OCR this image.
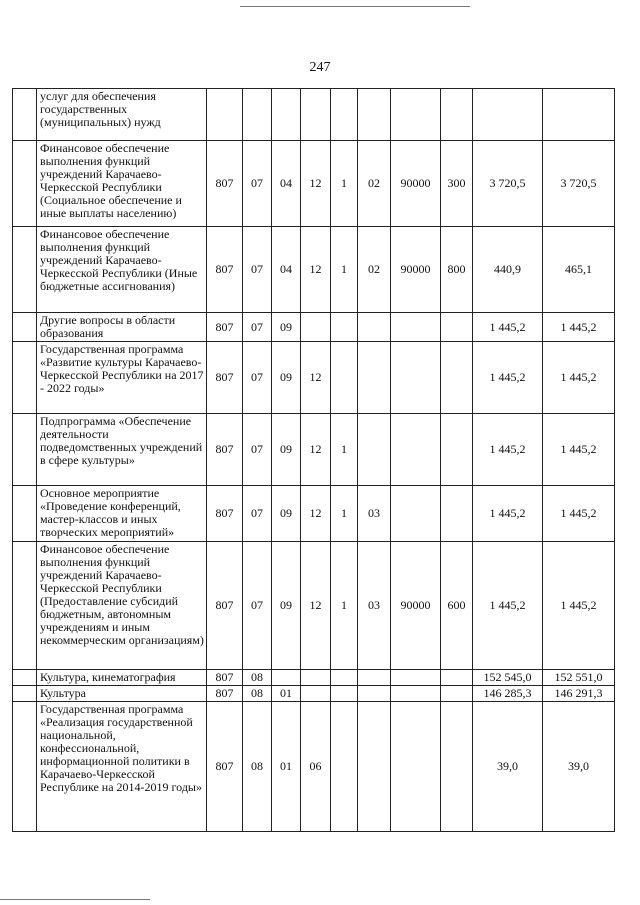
247
	услуг для обеспечения государственных (муниципальных) нужд										
	Финансовое обеспечение выполнения функций учреждений Карачаево-Черкесской Республики (Социальное обеспечение и иные выплаты населению)	807	07	04	12	1	02	90000	300	3 720,5	3 720,5
	Финансовое обеспечение выполнения функций учреждений Карачаево-Черкесской Республики (Иные бюджетные ассигнования)	807	07	04	12	1	02	90000	800	440,9	465,1
	Другие вопросы в области образования	807	07	09						1 445,2	1 445,2
	Государственная программа «Развитие культуры Карачаево-Черкесской Республики на 2017 - 2022 годы»	807	07	09	12					1 445,2	1 445,2
	Подпрограмма «Обеспечение деятельности подведомственных учреждений в сфере культуры»	807	07	09	12	1				1 445,2	1 445,2
	Основное мероприятие «Проведение конференций, мастер-классов и иных творческих мероприятий»	807	07	09	12	1	03			1 445,2	1 445,2
	Финансовое обеспечение выполнения функций учреждений Карачаево-Черкесской Республики (Предоставление субсидий бюджетным, автономным учреждениям и иным некоммерческим организациям)	807	07	09	12	1	03	90000	600	1 445,2	1 445,2
	Культура, кинематография	807	08							152 545,0	152 551,0
	Культура	807	08	01						146 285,3	146 291,3
	Государственная программа «Реализация государственной национальной, конфессиональной, информационной политики в Карачаево-Черкесской Республике на 2014-2019 годы»	807	08	01	06					39,0	39,0
